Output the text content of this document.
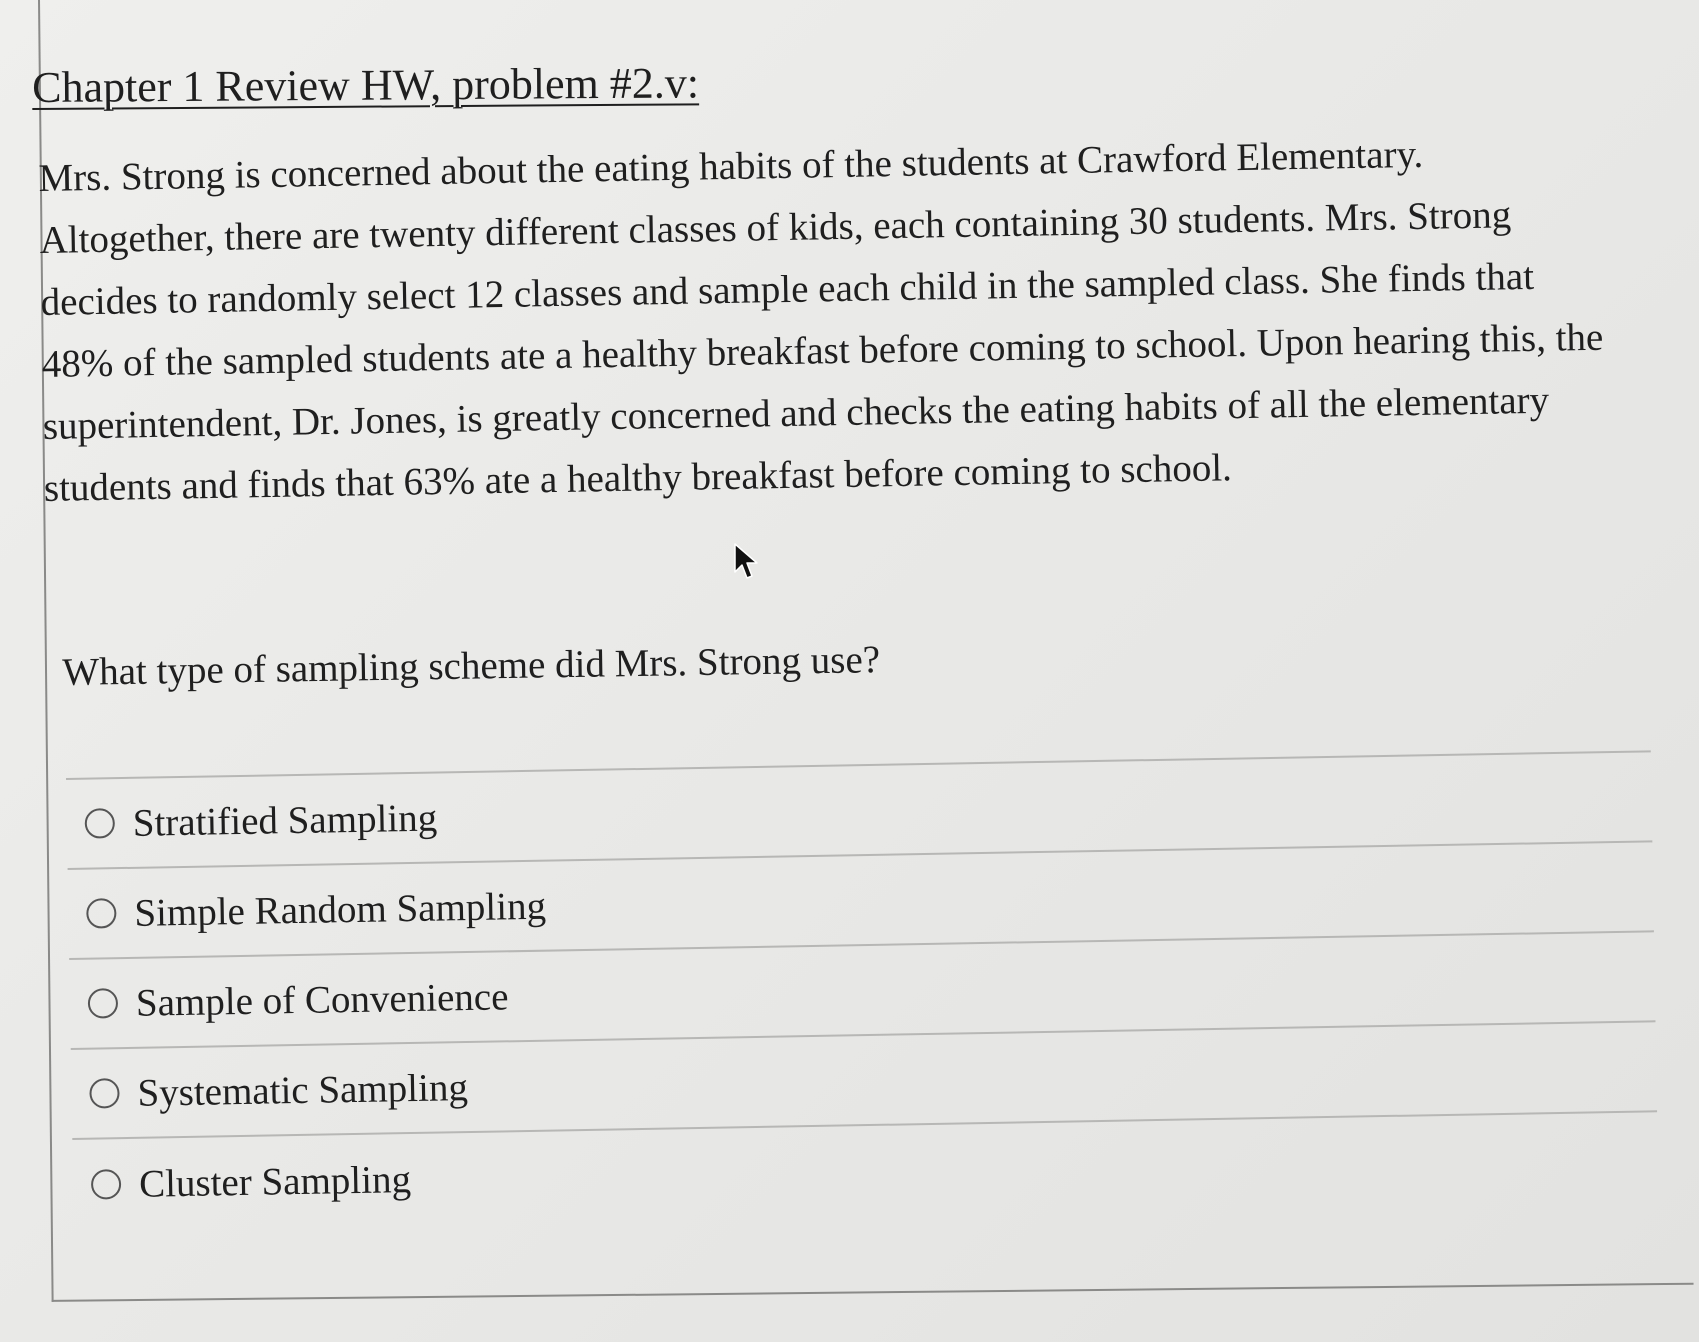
Chapter 1 Review HW, problem #2.v:
Mrs. Strong is concerned about the eating habits of the students at Crawford Elementary.
Altogether, there are twenty different classes of kids, each containing 30 students. Mrs. Strong
decides to randomly select 12 classes and sample each child in the sampled class. She finds that
48% of the sampled students ate a healthy breakfast before coming to school. Upon hearing this, the
superintendent, Dr. Jones, is greatly concerned and checks the eating habits of all the elementary
students and finds that 63% ate a healthy breakfast before coming to school.
What type of sampling scheme did Mrs. Strong use?
Stratified Sampling
Simple Random Sampling
Sample of Convenience
Systematic Sampling
Cluster Sampling
